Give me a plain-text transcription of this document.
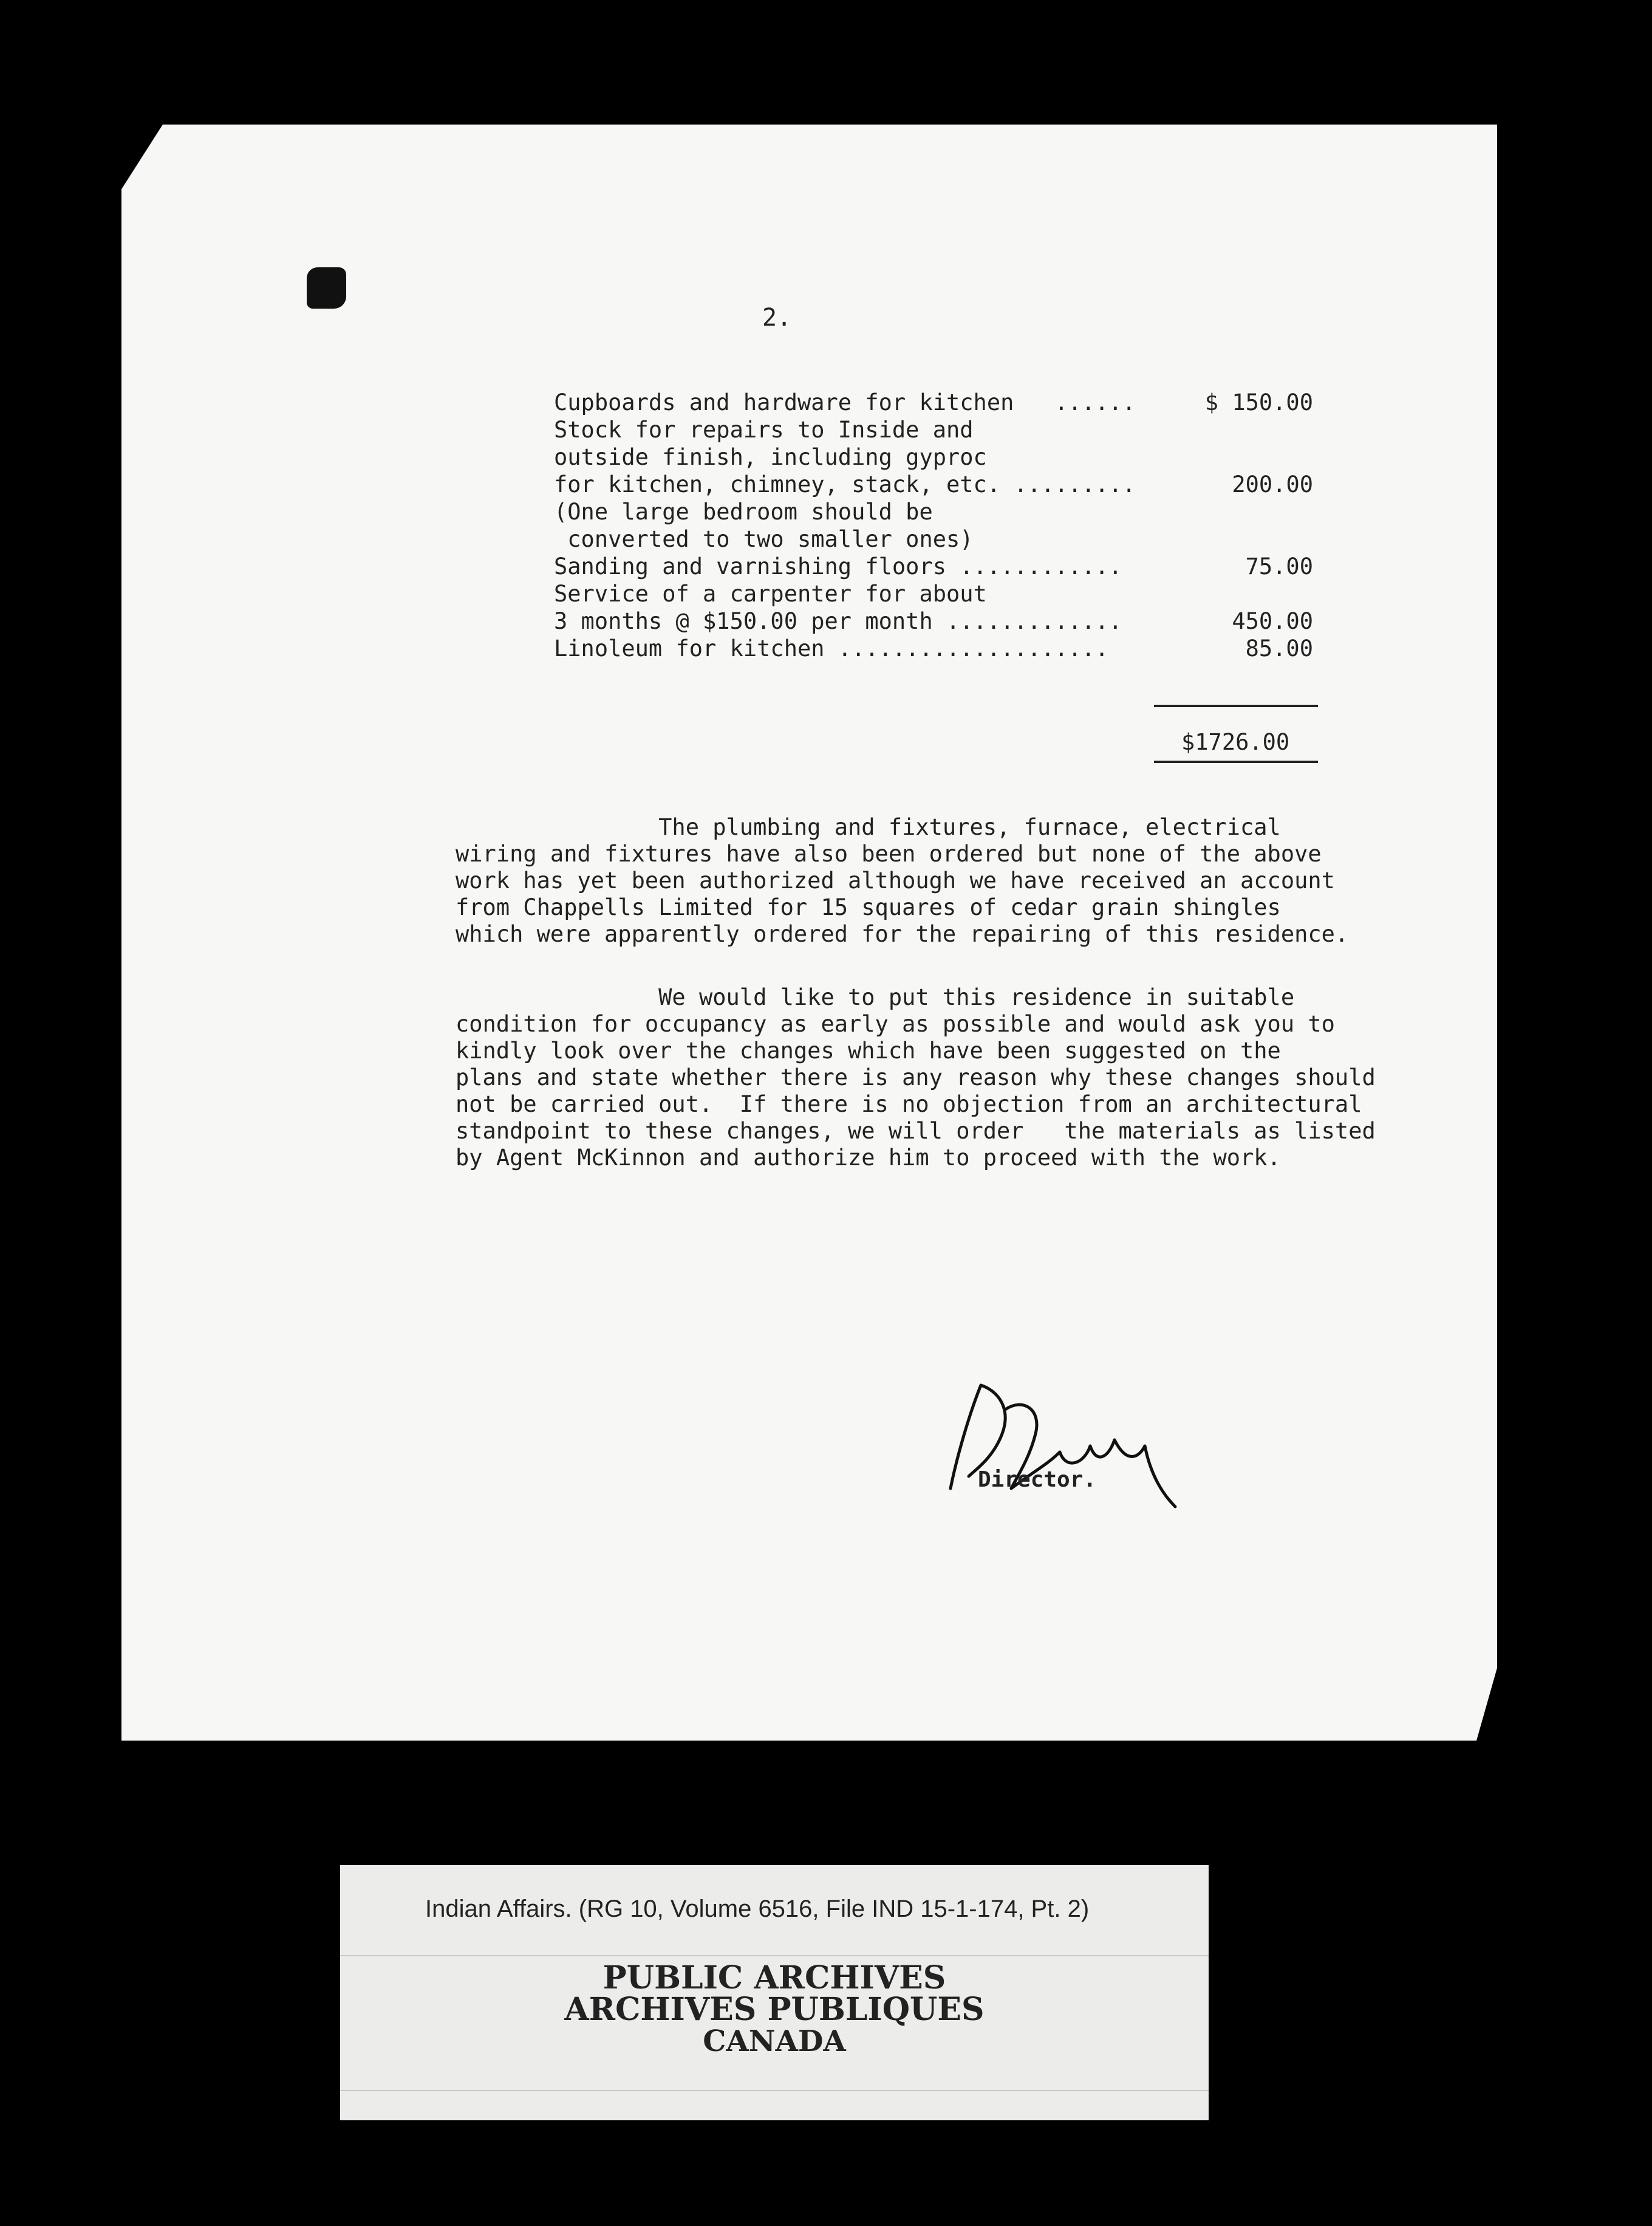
2.
Cupboards and hardware for kitchen   ......	$ 150.00
Stock for repairs to Inside and
outside finish, including gyproc
for kitchen, chimney, stack, etc. .........	200.00
(One large bedroom should be
converted to two smaller ones)
Sanding and varnishing floors ............	75.00
Service of a carpenter for about
3 months @ $150.00 per month .............	450.00
Linoleum for kitchen ....................	85.00
$1726.00
The plumbing and fixtures, furnace, electrical
wiring and fixtures have also been ordered but none of the above
work has yet been authorized although we have received an account
from Chappells Limited for 15 squares of cedar grain shingles
which were apparently ordered for the repairing of this residence.
We would like to put this residence in suitable
condition for occupancy as early as possible and would ask you to
kindly look over the changes which have been suggested on the
plans and state whether there is any reason why these changes should
not be carried out.  If there is no objection from an architectural
standpoint to these changes, we will order   the materials as listed
by Agent McKinnon and authorize him to proceed with the work.
Director.
Indian Affairs. (RG 10, Volume 6516, File IND 15-1-174, Pt. 2)
PUBLIC ARCHIVES
ARCHIVES PUBLIQUES
CANADA
